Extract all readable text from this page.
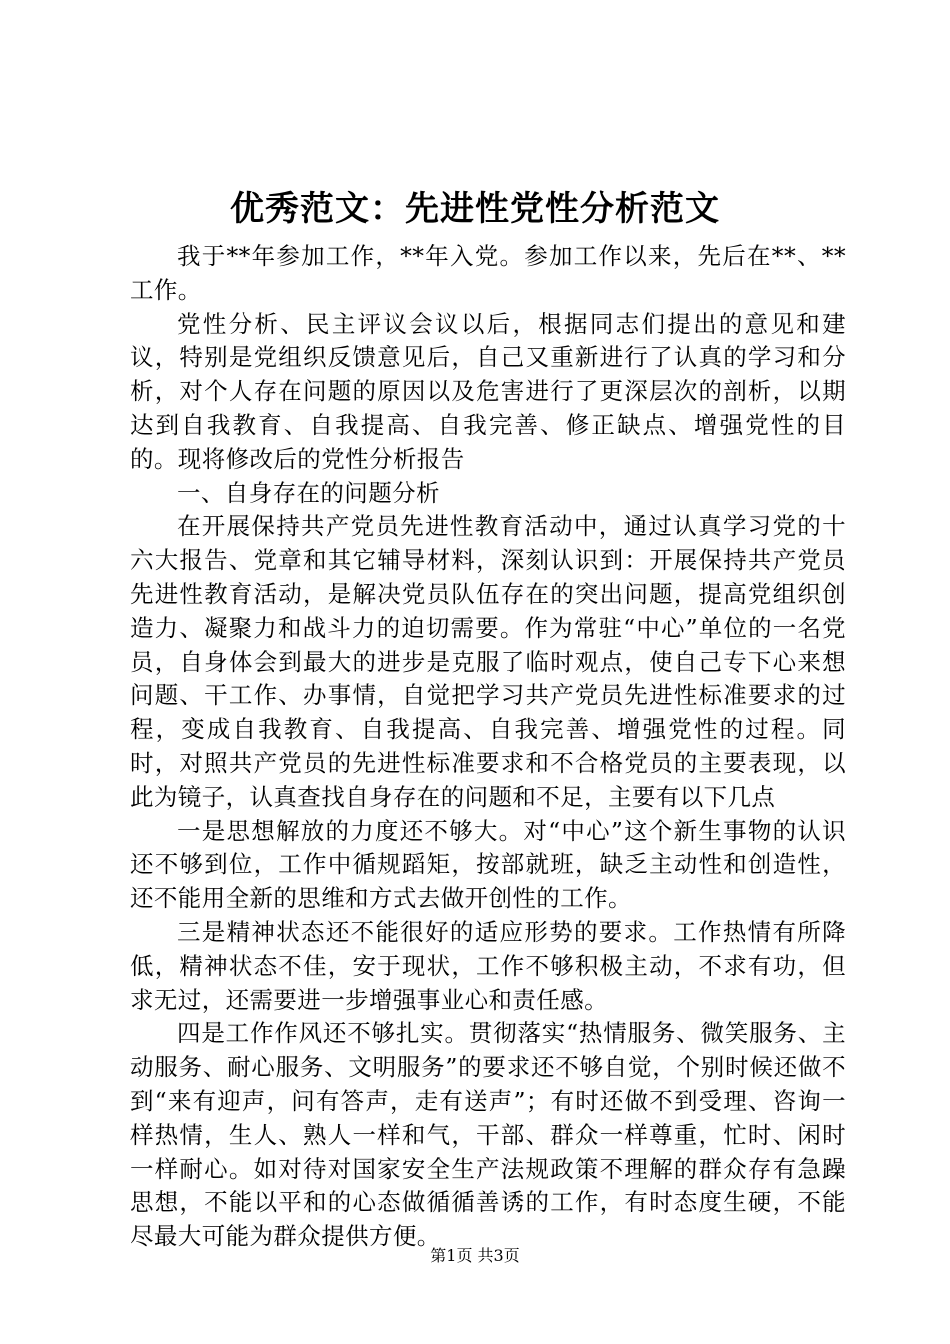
优秀范文：先进性党性分析范文

我于**年参加工作，**年入党。参加工作以来，先后在**、**工作。

党性分析、民主评议会议以后，根据同志们提出的意见和建议，特别是党组织反馈意见后，自己又重新进行了认真的学习和分析，对个人存在问题的原因以及危害进行了更深层次的剖析，以期达到自我教育、自我提高、自我完善、修正缺点、增强党性的目的。现将修改后的党性分析报告

一、自身存在的问题分析

在开展保持共产党员先进性教育活动中，通过认真学习党的十六大报告、党章和其它辅导材料，深刻认识到：开展保持共产党员先进性教育活动，是解决党员队伍存在的突出问题，提高党组织创造力、凝聚力和战斗力的迫切需要。作为常驻“中心”单位的一名党员，自身体会到最大的进步是克服了临时观点，使自己专下心来想问题、干工作、办事情，自觉把学习共产党员先进性标准要求的过程，变成自我教育、自我提高、自我完善、增强党性的过程。同时，对照共产党员的先进性标准要求和不合格党员的主要表现，以此为镜子，认真查找自身存在的问题和不足，主要有以下几点

一是思想解放的力度还不够大。对“中心”这个新生事物的认识还不够到位，工作中循规蹈矩，按部就班，缺乏主动性和创造性，还不能用全新的思维和方式去做开创性的工作。

三是精神状态还不能很好的适应形势的要求。工作热情有所降低，精神状态不佳，安于现状，工作不够积极主动，不求有功，但求无过，还需要进一步增强事业心和责任感。

四是工作作风还不够扎实。贯彻落实“热情服务、微笑服务、主动服务、耐心服务、文明服务”的要求还不够自觉，个别时候还做不到“来有迎声，问有答声，走有送声”；有时还做不到受理、咨询一样热情，生人、熟人一样和气，干部、群众一样尊重，忙时、闲时一样耐心。如对待对国家安全生产法规政策不理解的群众存有急躁思想，不能以平和的心态做循循善诱的工作，有时态度生硬，不能尽最大可能为群众提供方便。

第1页 共3页
